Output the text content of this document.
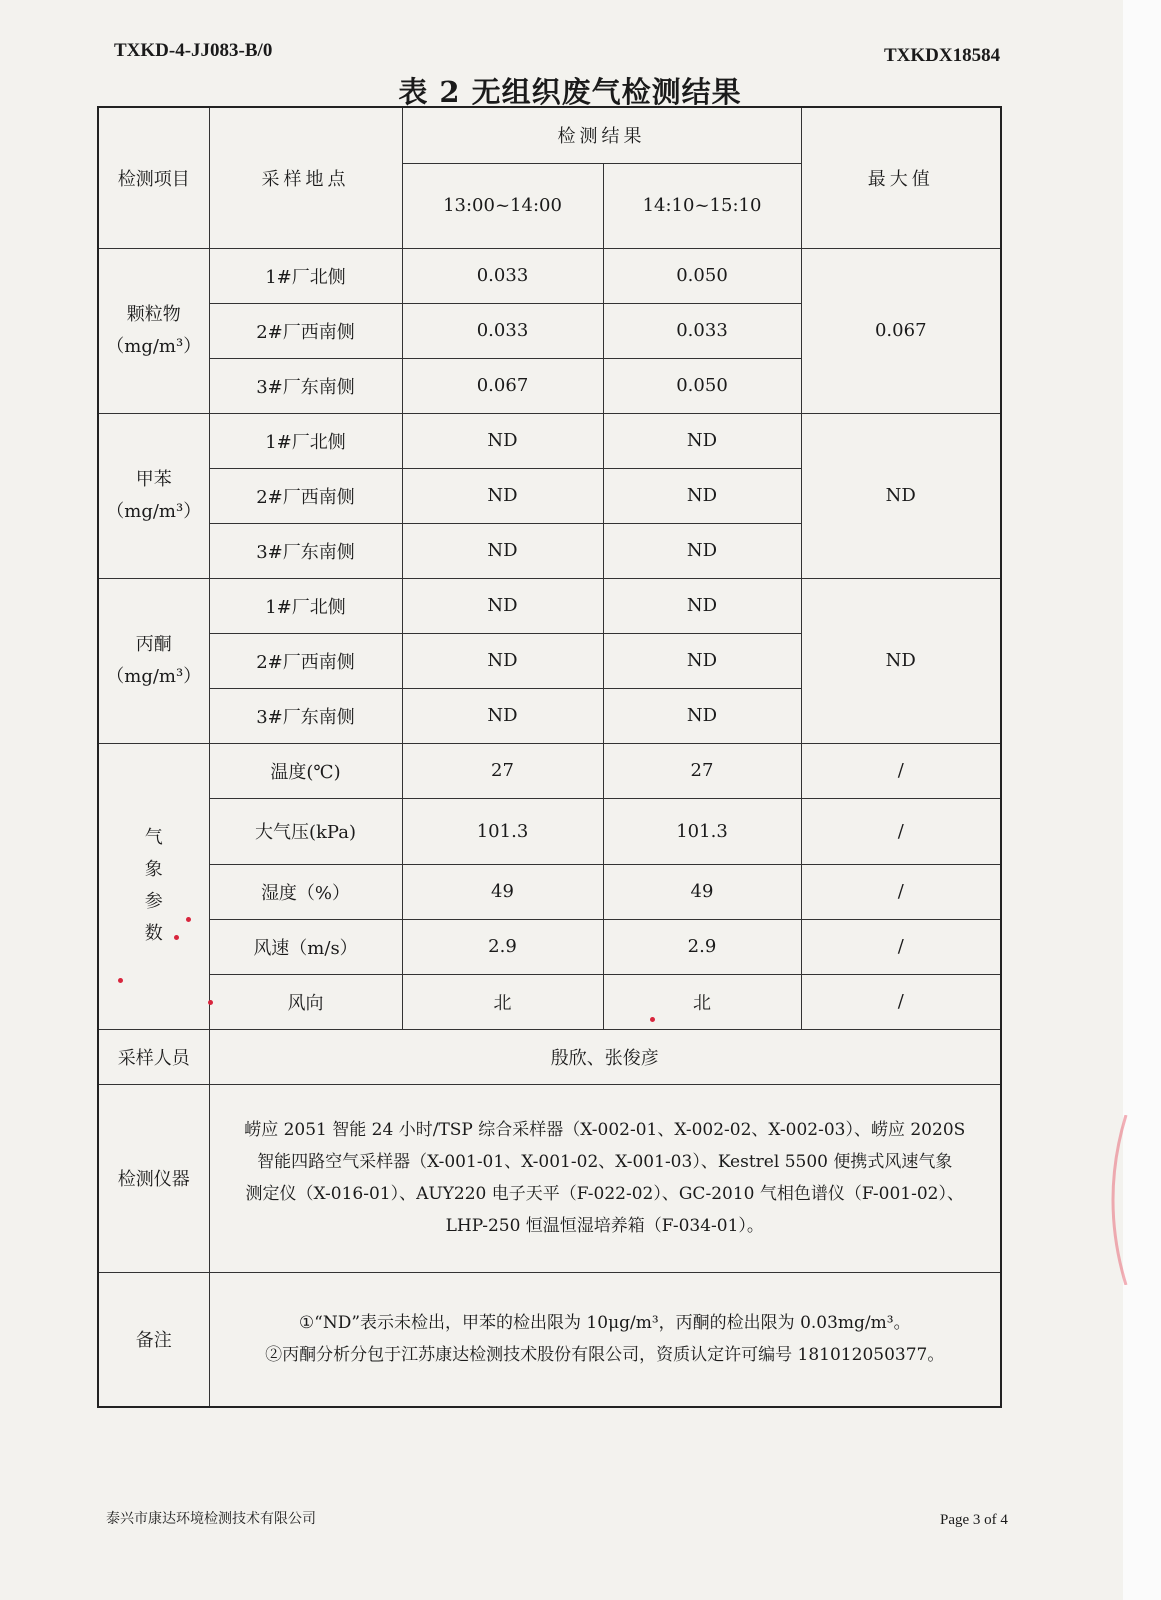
TXKD-4-JJ083-B/0	TXKDX18584
表 2 无组织废气检测结果
检测项目	采样地点	检测结果		最大值
		13:00~14:00	14:10~15:10	

颗粒物
（mg/m³）	1#厂北侧	0.033	0.050	0.067
	2#厂西南侧	0.033	0.033	
	3#厂东南侧	0.067	0.050	

甲苯
（mg/m³）	1#厂北侧	ND	ND	ND
	2#厂西南侧	ND	ND	
	3#厂东南侧	ND	ND	

丙酮
（mg/m³）	1#厂北侧	ND	ND	ND
	2#厂西南侧	ND	ND	
	3#厂东南侧	ND	ND	

气
象
参
数	温度(℃)	27	27	/
	大气压(kPa)	101.3	101.3	/
	湿度（%）	49	49	/
	风速（m/s）	2.9	2.9	/
	风向	北	北	/
采样人员	殷欣、张俊彦			
检测仪器	崂应 2051 智能 24 小时/TSP 综合采样器（X-002-01、X-002-02、X-002-03）、崂应 2020S
智能四路空气采样器（X-001-01、X-001-02、X-001-03）、Kestrel 5500 便携式风速气象
测定仪（X-016-01）、AUY220 电子天平（F-022-02）、GC-2010 气相色谱仪（F-001-02）、
LHP-250 恒温恒湿培养箱（F-034-01）。			

备注	①“ND”表示未检出，甲苯的检出限为 10μg/m³，丙酮的检出限为 0.03mg/m³。
②丙酮分析分包于江苏康达检测技术股份有限公司，资质认定许可编号 181012050377。			
泰兴市康达环境检测技术有限公司	Page 3 of 4
